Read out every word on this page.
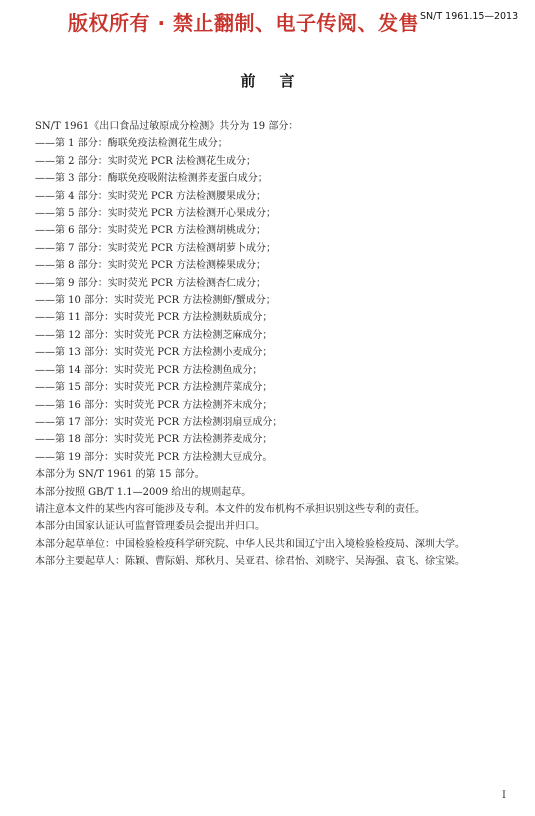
版权所有 · 禁止翻制、电子传阅、发售 SN/T 1961.15—2013
前言

SN/T 1961《出口食品过敏原成分检测》共分为 19 部分：

——第 1 部分：酶联免疫法检测花生成分；

——第 2 部分：实时荧光 PCR 法检测花生成分；

——第 3 部分：酶联免疫吸附法检测荞麦蛋白成分；

——第 4 部分：实时荧光 PCR 方法检测腰果成分；

——第 5 部分：实时荧光 PCR 方法检测开心果成分；

——第 6 部分：实时荧光 PCR 方法检测胡桃成分；

——第 7 部分：实时荧光 PCR 方法检测胡萝卜成分；

——第 8 部分：实时荧光 PCR 方法检测榛果成分；

——第 9 部分：实时荧光 PCR 方法检测杏仁成分；

——第 10 部分：实时荧光 PCR 方法检测虾/蟹成分；

——第 11 部分：实时荧光 PCR 方法检测麸质成分；

——第 12 部分：实时荧光 PCR 方法检测芝麻成分；

——第 13 部分：实时荧光 PCR 方法检测小麦成分；

——第 14 部分：实时荧光 PCR 方法检测鱼成分；

——第 15 部分：实时荧光 PCR 方法检测芹菜成分；

——第 16 部分：实时荧光 PCR 方法检测芥末成分；

——第 17 部分：实时荧光 PCR 方法检测羽扇豆成分；

——第 18 部分：实时荧光 PCR 方法检测荞麦成分；

——第 19 部分：实时荧光 PCR 方法检测大豆成分。

本部分为 SN/T 1961 的第 15 部分。

本部分按照 GB/T 1.1—2009 给出的规则起草。

请注意本文件的某些内容可能涉及专利。本文件的发布机构不承担识别这些专利的责任。

本部分由国家认证认可监督管理委员会提出并归口。

本部分起草单位：中国检验检疫科学研究院、中华人民共和国辽宁出入境检验检疫局、深圳大学。

本部分主要起草人：陈颖、曹际娟、郑秋月、吴亚君、徐君怡、刘晓宇、吴海强、袁飞、徐宝梁。

I
